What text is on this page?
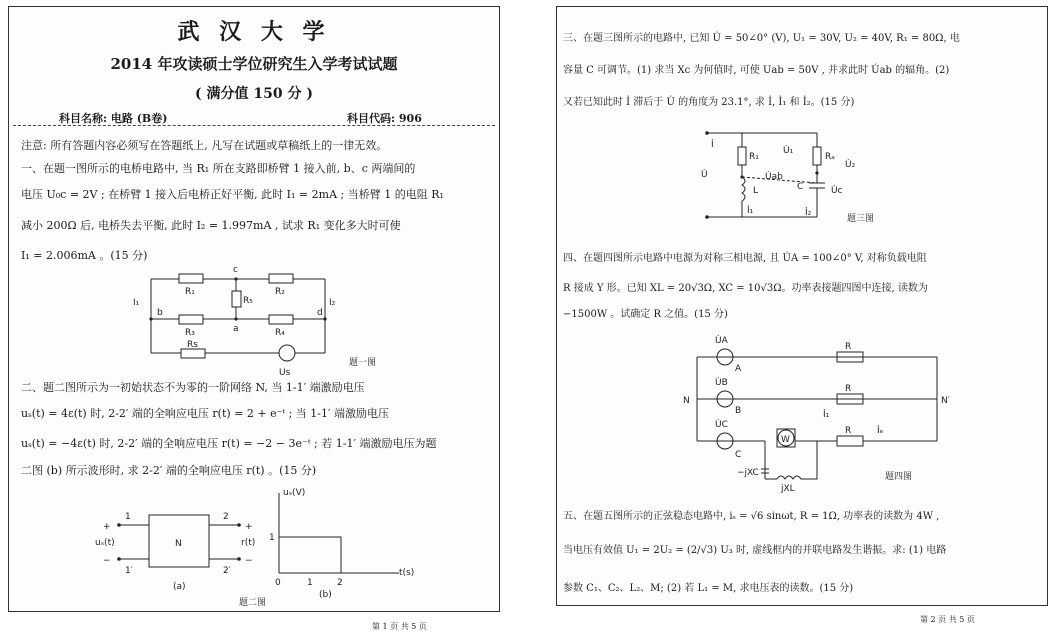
武 汉 大 学
2014 年攻读硕士学位研究生入学考试试题
( 满分值 150 分 )
科目名称: 电路 (B卷)	科目代码: 906
注意: 所有答题内容必须写在答题纸上, 凡写在试题或草稿纸上的一律无效。
一、在题一图所示的电桥电路中, 当 R₁ 所在支路即桥臂 1 接入前, b、c 两端间的
电压 U₀c = 2V ; 在桥臂 1 接入后电桥正好平衡, 此时 I₁ = 2mA ; 当桥臂 1 的电阻 R₁
减小 200Ω 后, 电桥失去平衡, 此时 I₂ = 1.997mA , 试求 R₁ 变化多大时可使
I₁ = 2.006mA 。(15 分)
R₁	R₂
R₃	R₄
R₅
Rs
I₁	I₂
a
b
c
d
Us
题一图
二、题二图所示为一初始状态不为零的一阶网络 N, 当 1-1′ 端激励电压
uₛ(t) = 4ε(t) 时, 2-2′ 端的全响应电压 r(t) = 2 + e⁻ᵗ ; 当 1-1′ 端激励电压
uₛ(t) = −4ε(t) 时, 2-2′ 端的全响应电压 r(t) = −2 − 3e⁻ᵗ ; 若 1-1′ 端激励电压为题
二图 (b) 所示波形时, 求 2-2′ 端的全响应电压 r(t) 。(15 分)
N
1
1′
2
2′
uₛ(t)	r(t)
+
−
+
−
(a)
uₛ(V)
t(s)
0	1	2
1
(b)
题二图
第 1 页 共 5 页
三、在题三图所示的电路中, 已知 U̇ = 50∠0° (V), U₁ = 30V, U₂ = 40V, R₁ = 80Ω, 电
容量 C 可调节。(1) 求当 Xc 为何值时, 可使 Uab = 50V , 并求此时 U̇ab 的辐角。(2)
又若已知此时 İ 滞后于 U̇ 的角度为 23.1°, 求 İ, İ₁ 和 İ₂。(15 分)
İ
U̇
R₁
U̇₁
Rₐ
U̇₂
U̇ab
L	C	U̇c
İ₁	İ₂
题三图
四、在题四图所示电路中电源为对称三相电源, 且 U̇A = 100∠0° V, 对称负载电阻
R 接成 Y 形。已知 XL = 20√3Ω, XC = 10√3Ω。功率表接题四图中连接, 读数为
−1500W 。试确定 R 之值。(15 分)
U̇A
U̇B
U̇C
A
B
C
N	N′
R
R
R
W
İ₁
İₑ
−jXC
jXL
题四图
五、在题五图所示的正弦稳态电路中, iₛ = √6 sinωt, R = 1Ω, 功率表的读数为 4W ,
当电压有效值 U₁ = 2U₂ = (2/√3) U₃ 时, 虚线框内的并联电路发生谐振。求: (1) 电路
参数 C₁、C₂、L₂、M; (2) 若 L₁ = M, 求电压表的读数。(15 分)
第 2 页 共 5 页
